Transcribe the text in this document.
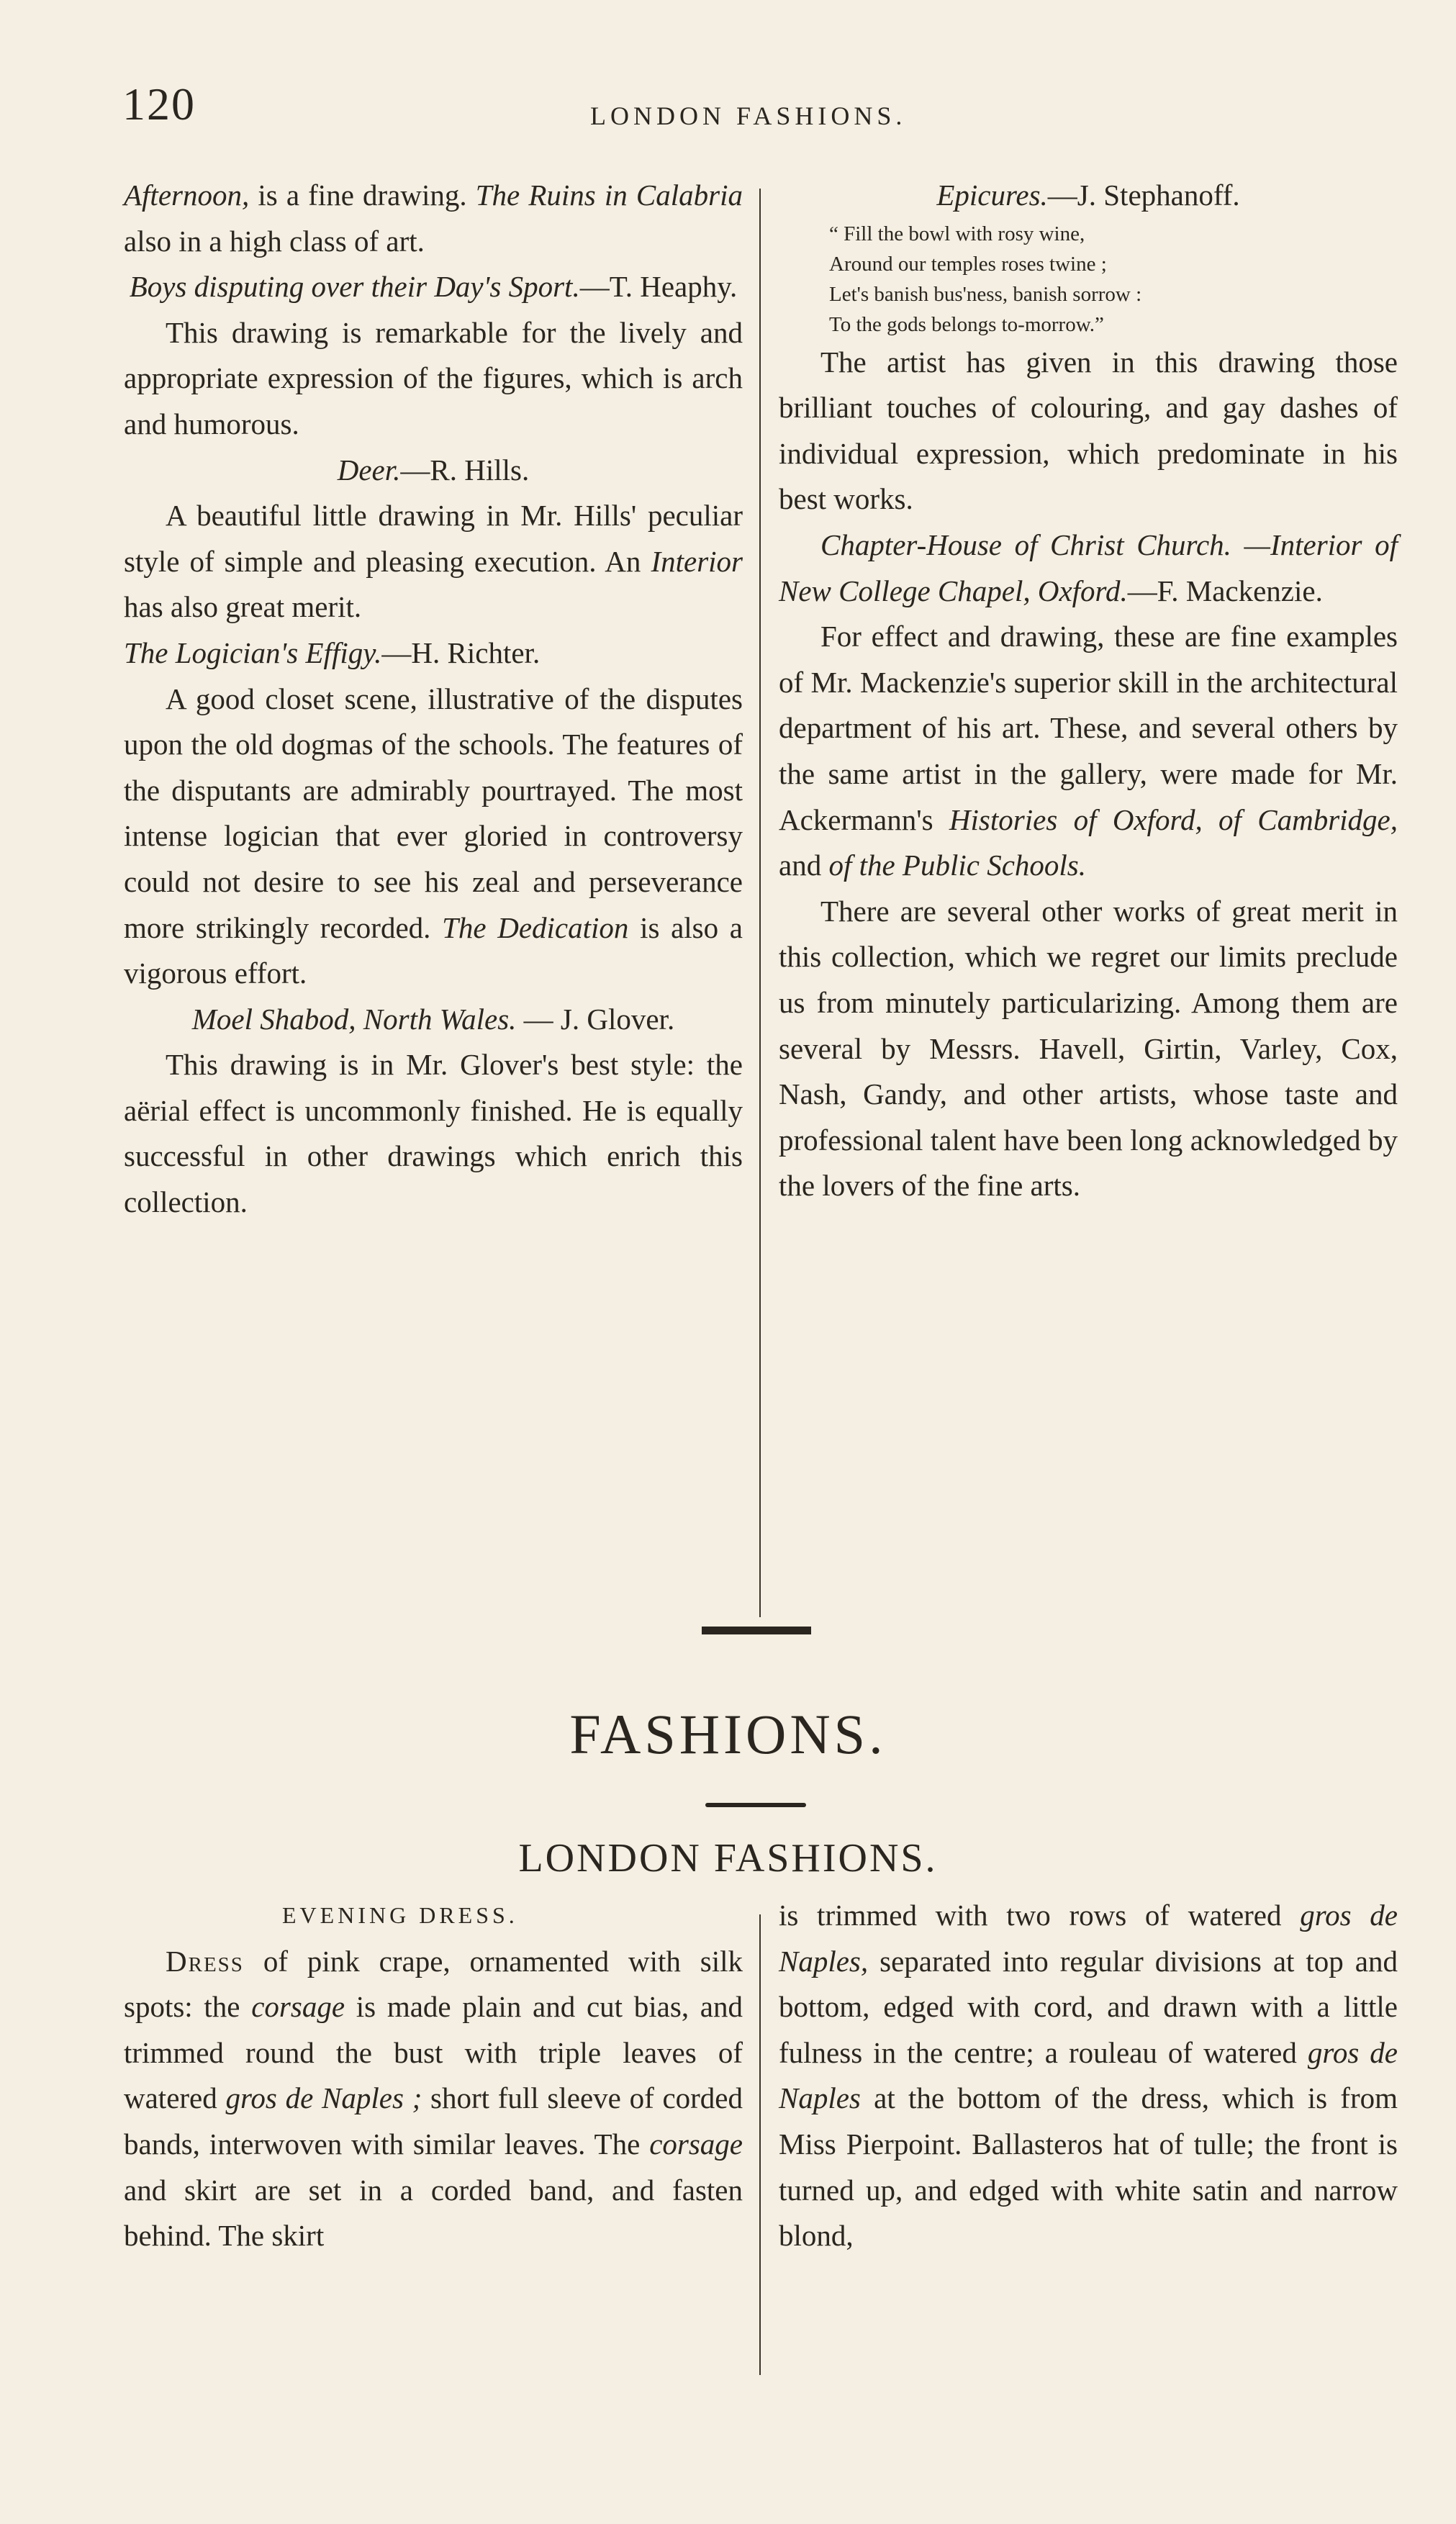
120	LONDON FASHIONS.

Afternoon, is a fine drawing. The Ruins in Calabria also in a high class of art.

Boys disputing over their Day's Sport.—T. Heaphy.

This drawing is remarkable for the lively and appropriate expression of the figures, which is arch and humorous.

Deer.—R. Hills.

A beautiful little drawing in Mr. Hills' peculiar style of simple and pleasing execution. An Interior has also great merit.

The Logician's Effigy.—H. Richter.

A good closet scene, illustrative of the disputes upon the old dogmas of the schools. The features of the disputants are admirably pourtrayed. The most intense logician that ever gloried in controversy could not desire to see his zeal and perseverance more strikingly recorded. The Dedication is also a vigorous effort.

Moel Shabod, North Wales. — J. Glover.

This drawing is in Mr. Glover's best style: the aërial effect is uncommonly finished. He is equally successful in other drawings which enrich this collection.

Epicures.—J. Stephanoff.

“ Fill the bowl with rosy wine,

Around our temples roses twine ;

Let's banish bus'ness, banish sorrow :

To the gods belongs to-morrow.”

The artist has given in this drawing those brilliant touches of colouring, and gay dashes of individual expression, which predominate in his best works.

Chapter-House of Christ Church. —Interior of New College Chapel, Oxford.—F. Mackenzie.

For effect and drawing, these are fine examples of Mr. Mackenzie's superior skill in the architectural department of his art. These, and several others by the same artist in the gallery, were made for Mr. Ackermann's Histories of Oxford, of Cambridge, and of the Public Schools.

There are several other works of great merit in this collection, which we regret our limits preclude us from minutely particularizing. Among them are several by Messrs. Havell, Girtin, Varley, Cox, Nash, Gandy, and other artists, whose taste and professional talent have been long acknowledged by the lovers of the fine arts.

FASHIONS.
LONDON FASHIONS.

EVENING DRESS.

Dress of pink crape, ornamented with silk spots: the corsage is made plain and cut bias, and trimmed round the bust with triple leaves of watered gros de Naples ; short full sleeve of corded bands, interwoven with similar leaves. The corsage and skirt are set in a corded band, and fasten behind. The skirt

is trimmed with two rows of watered gros de Naples, separated into regular divisions at top and bottom, edged with cord, and drawn with a little fulness in the centre; a rouleau of watered gros de Naples at the bottom of the dress, which is from Miss Pierpoint. Ballasteros hat of tulle; the front is turned up, and edged with white satin and narrow blond,
